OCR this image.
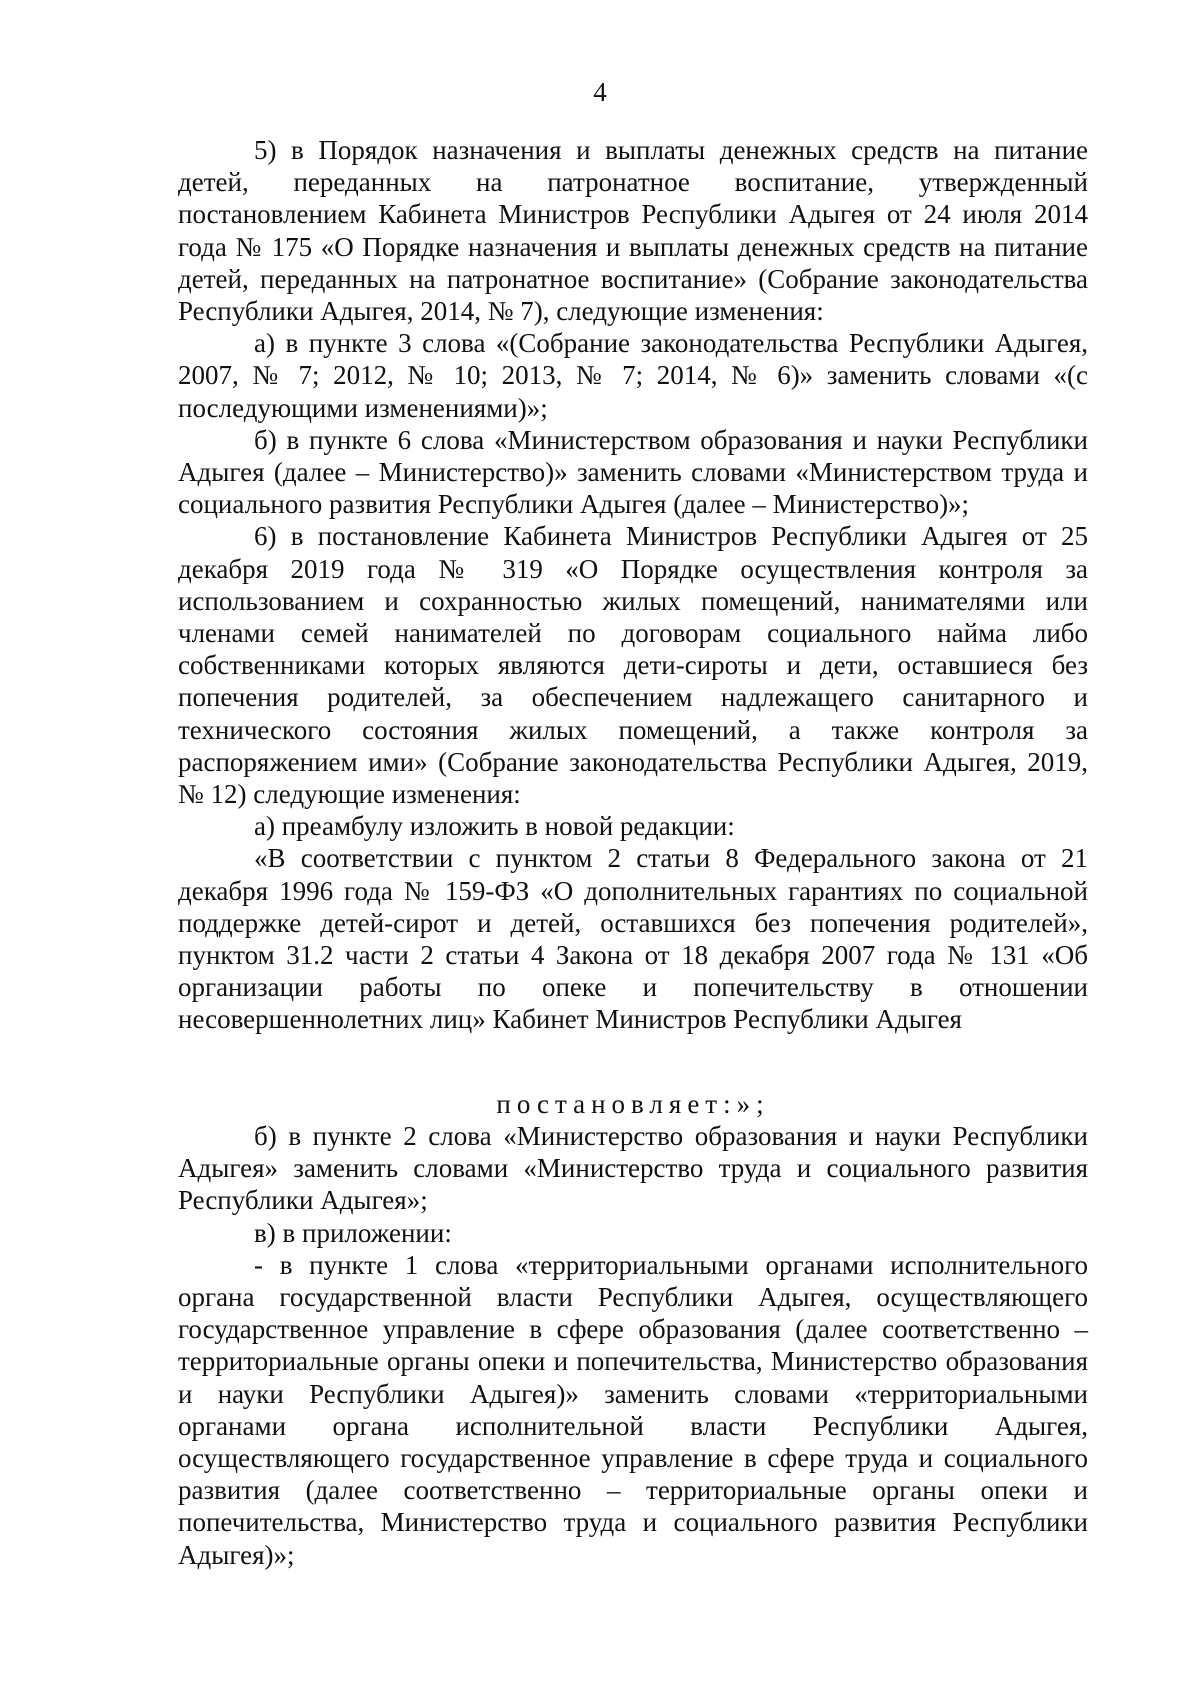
4

5) в Порядок назначения и выплаты денежных средств на питание детей, переданных на патронатное воспитание, утвержденный постановлением Кабинета Министров Республики Адыгея от 24 июля 2014 года № 175 «О Порядке назначения и выплаты денежных средств на питание детей, переданных на патронатное воспитание» (Собрание законодательства Республики Адыгея, 2014, № 7), следующие изменения:

а) в пункте 3 слова «(Собрание законодательства Республики Адыгея, 2007, № 7; 2012, № 10; 2013, № 7; 2014, № 6)» заменить словами «(с последующими изменениями)»;

б) в пункте 6 слова «Министерством образования и науки Республики Адыгея (далее – Министерство)» заменить словами «Министерством труда и социального развития Республики Адыгея (далее – Министерство)»;

6) в постановление Кабинета Министров Республики Адыгея от 25 декабря 2019 года № 319 «О Порядке осуществления контроля за использованием и сохранностью жилых помещений, нанимателями или членами семей нанимателей по договорам социального найма либо собственниками которых являются дети-сироты и дети, оставшиеся без попечения родителей, за обеспечением надлежащего санитарного и технического состояния жилых помещений, а также контроля за распоряжением ими» (Собрание законодательства Республики Адыгея, 2019, № 12) следующие изменения:

а) преамбулу изложить в новой редакции:

«В соответствии с пунктом 2 статьи 8 Федерального закона от 21 декабря 1996 года № 159-ФЗ «О дополнительных гарантиях по социальной поддержке детей-сирот и детей, оставшихся без попечения родителей», пунктом 31.2 части 2 статьи 4 Закона от 18 декабря 2007 года № 131 «Об организации работы по опеке и попечительству в отношении несовершеннолетних лиц» Кабинет Министров Республики Адыгея

постановляет:»;

б) в пункте 2 слова «Министерство образования и науки Республики Адыгея» заменить словами «Министерство труда и социального развития Республики Адыгея»;

в) в приложении:

- в пункте 1 слова «территориальными органами исполнительного органа государственной власти Республики Адыгея, осуществляющего государственное управление в сфере образования (далее соответственно – территориальные органы опеки и попечительства, Министерство образования и науки Республики Адыгея)» заменить словами «территориальными органами органа исполнительной власти Республики Адыгея, осуществляющего государственное управление в сфере труда и социального развития (далее соответственно – территориальные органы опеки и попечительства, Министерство труда и социального развития Республики Адыгея)»;
